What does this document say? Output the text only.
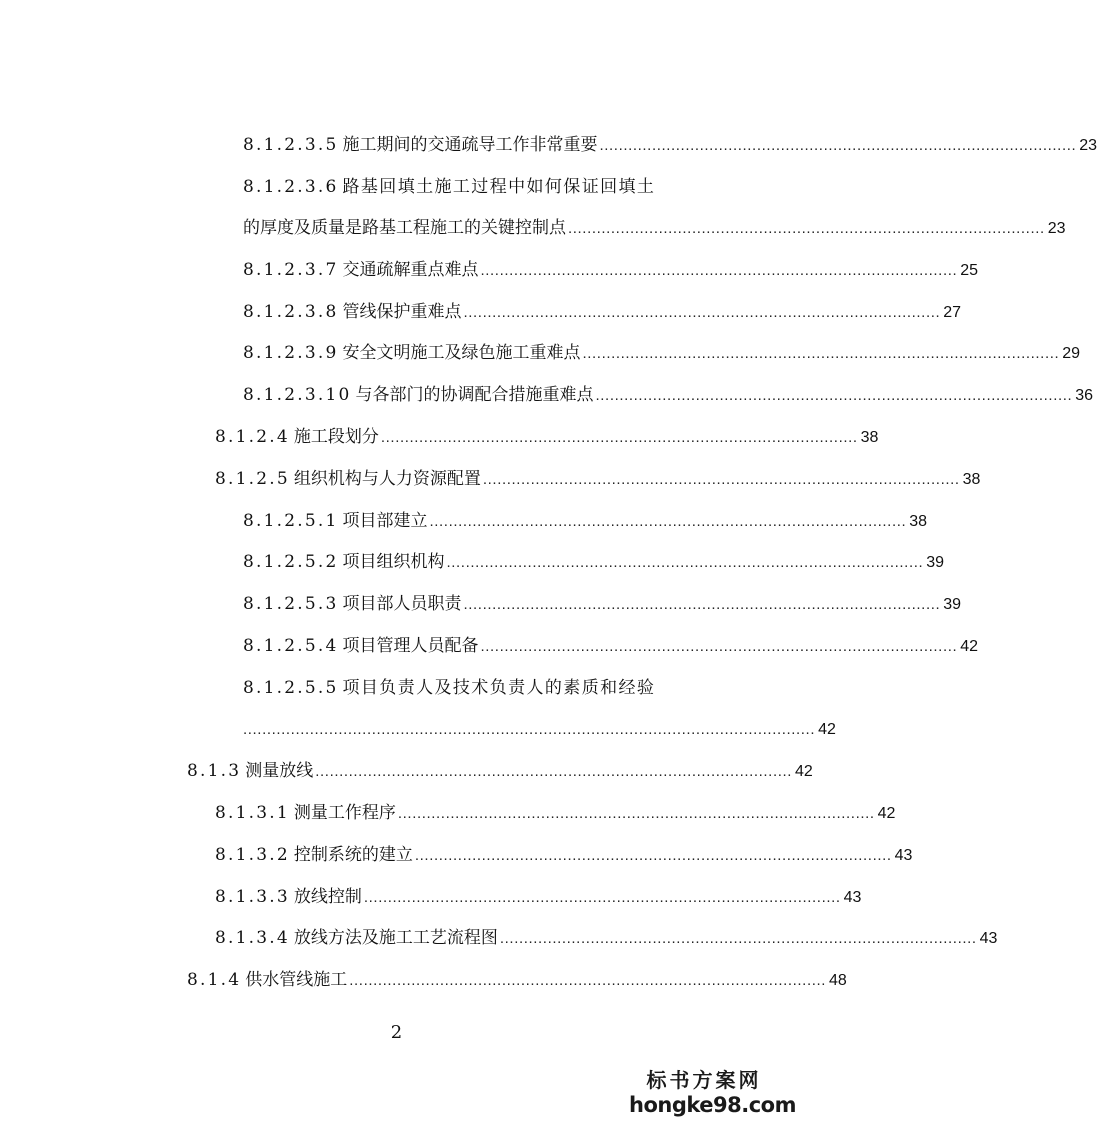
8.1.2.3.5 施工期间的交通疏导工作非常重要 .................................................................................................... 23
8.1.2.3.6 路基回填土施工过程中如何保证回填土
的厚度及质量是路基工程施工的关键控制点 .................................................................................................... 23
8.1.2.3.7 交通疏解重点难点 .................................................................................................... 25
8.1.2.3.8 管线保护重难点 .................................................................................................... 27
8.1.2.3.9 安全文明施工及绿色施工重难点 .................................................................................................... 29
8.1.2.3.10 与各部门的协调配合措施重难点 .................................................................................................... 36
8.1.2.4 施工段划分 .................................................................................................... 38
8.1.2.5 组织机构与人力资源配置 .................................................................................................... 38
8.1.2.5.1 项目部建立 .................................................................................................... 38
8.1.2.5.2 项目组织机构 .................................................................................................... 39
8.1.2.5.3 项目部人员职责 .................................................................................................... 39
8.1.2.5.4 项目管理人员配备 .................................................................................................... 42
8.1.2.5.5 项目负责人及技术负责人的素质和经验
........................................................................................................................ 42
8.1.3 测量放线 .................................................................................................... 42
8.1.3.1 测量工作程序 .................................................................................................... 42
8.1.3.2 控制系统的建立 .................................................................................................... 43
8.1.3.3 放线控制 .................................................................................................... 43
8.1.3.4 放线方法及施工工艺流程图 .................................................................................................... 43
8.1.4 供水管线施工 .................................................................................................... 48
2
标书方案网
hongke98.com
